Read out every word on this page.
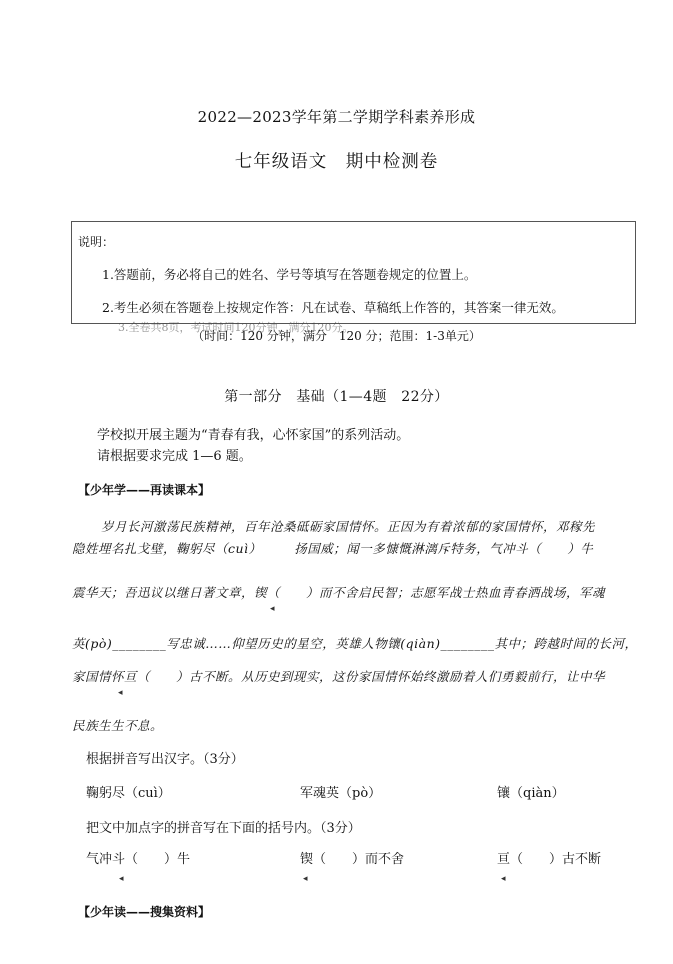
2022—2023学年第二学期学科素养形成
七年级语文　期中检测卷
说明：
1.答题前，务必将自己的姓名、学号等填写在答题卷规定的位置上。
2.考生必须在答题卷上按规定作答：凡在试卷、草稿纸上作答的，其答案一律无效。
3.全卷共8页，考试时间120分钟，满分120分。
（时间：120 分钟，满分　120 分；范围：1-3单元）
第一部分　基础（1—4题　22分）
学校拟开展主题为“青春有我，心怀家国”的系列活动。
请根据要求完成 1—6 题。
【少年学——再读课本】
岁月长河激荡民族精神，百年沧桑砥砺家国情怀。正因为有着浓郁的家国情怀，邓稼先
隐姓埋名扎戈壁，鞠躬尽（cuì）　　　扬国威；闻一多慷慨淋漓斥特务，气冲斗（　　）牛
震华天；吾迅议以继日著文章，锲（　　）而不舍启民智；志愿军战士热血青春洒战场，军魂
◂
英(pò)________写忠诚……仰望历史的星空，英雄人物镶(qiàn)________其中；跨越时间的长河，
家国情怀亘（　　）古不断。从历史到现实，这份家国情怀始终激励着人们勇毅前行，让中华
◂
民族生生不息。
根据拼音写出汉字。（3分）
鞠躬尽（cuì）	军魂英（pò）	镶（qiàn）
把文中加点字的拼音写在下面的括号内。（3分）
气冲斗（　　）牛	锲（　　）而不舍	亘（　　）古不断
◂	◂	◂
【少年读——搜集资料】
